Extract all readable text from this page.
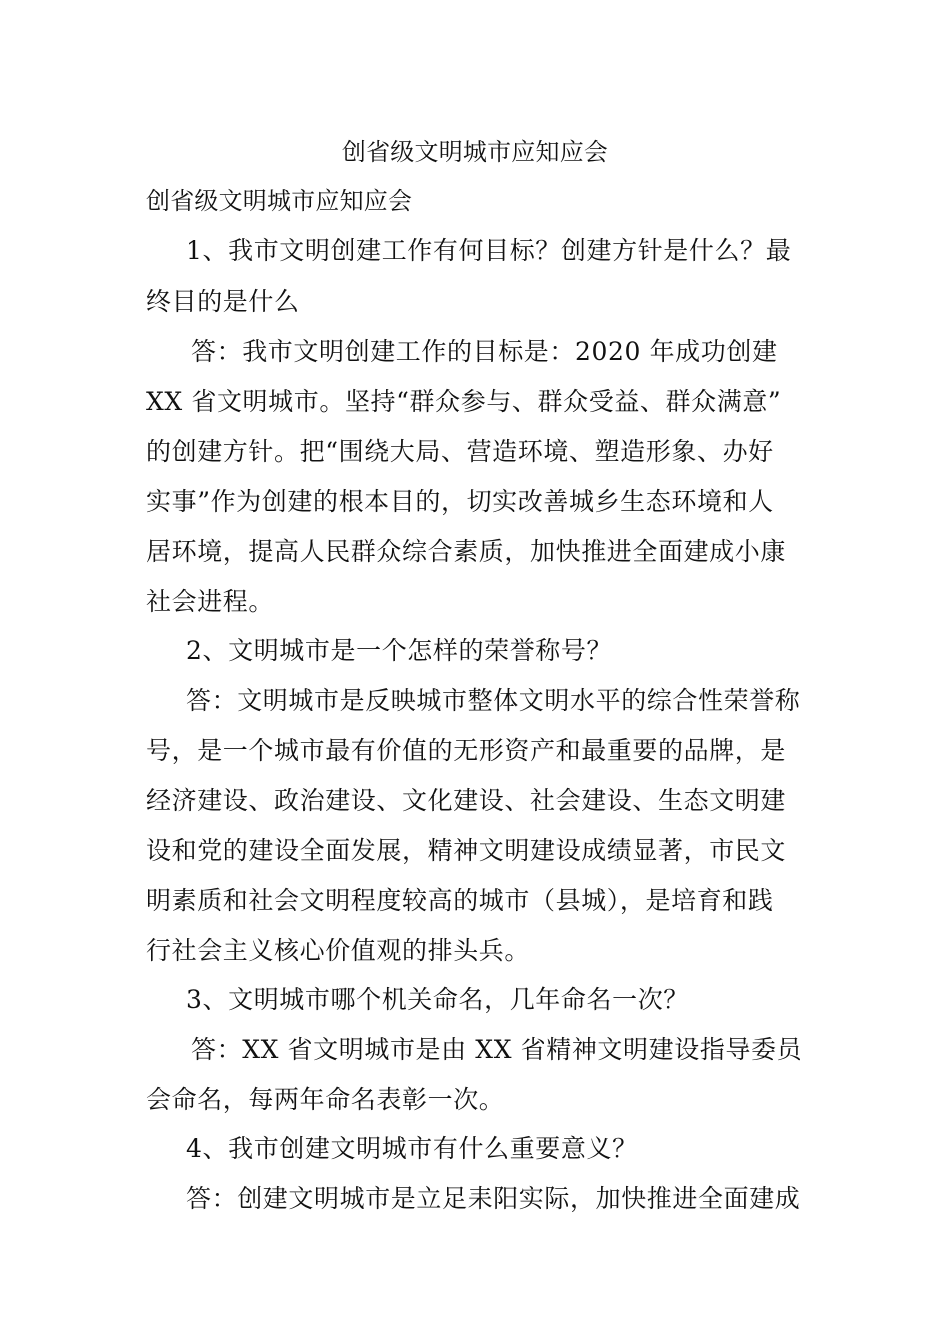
创省级文明城市应知应会
创省级文明城市应知应会
1、我市文明创建工作有何目标？创建方针是什么？最
终目的是什么
答：我市文明创建工作的目标是：2020 年成功创建
XX 省文明城市。坚持“群众参与、群众受益、群众满意”
的创建方针。把“围绕大局、营造环境、塑造形象、办好
实事”作为创建的根本目的，切实改善城乡生态环境和人
居环境，提高人民群众综合素质，加快推进全面建成小康
社会进程。
2、文明城市是一个怎样的荣誉称号？
答：文明城市是反映城市整体文明水平的综合性荣誉称
号，是一个城市最有价值的无形资产和最重要的品牌，是
经济建设、政治建设、文化建设、社会建设、生态文明建
设和党的建设全面发展，精神文明建设成绩显著，市民文
明素质和社会文明程度较高的城市（县城），是培育和践
行社会主义核心价值观的排头兵。
3、文明城市哪个机关命名，几年命名一次？
答：XX 省文明城市是由 XX 省精神文明建设指导委员
会命名，每两年命名表彰一次。
4、我市创建文明城市有什么重要意义？
答：创建文明城市是立足耒阳实际，加快推进全面建成
